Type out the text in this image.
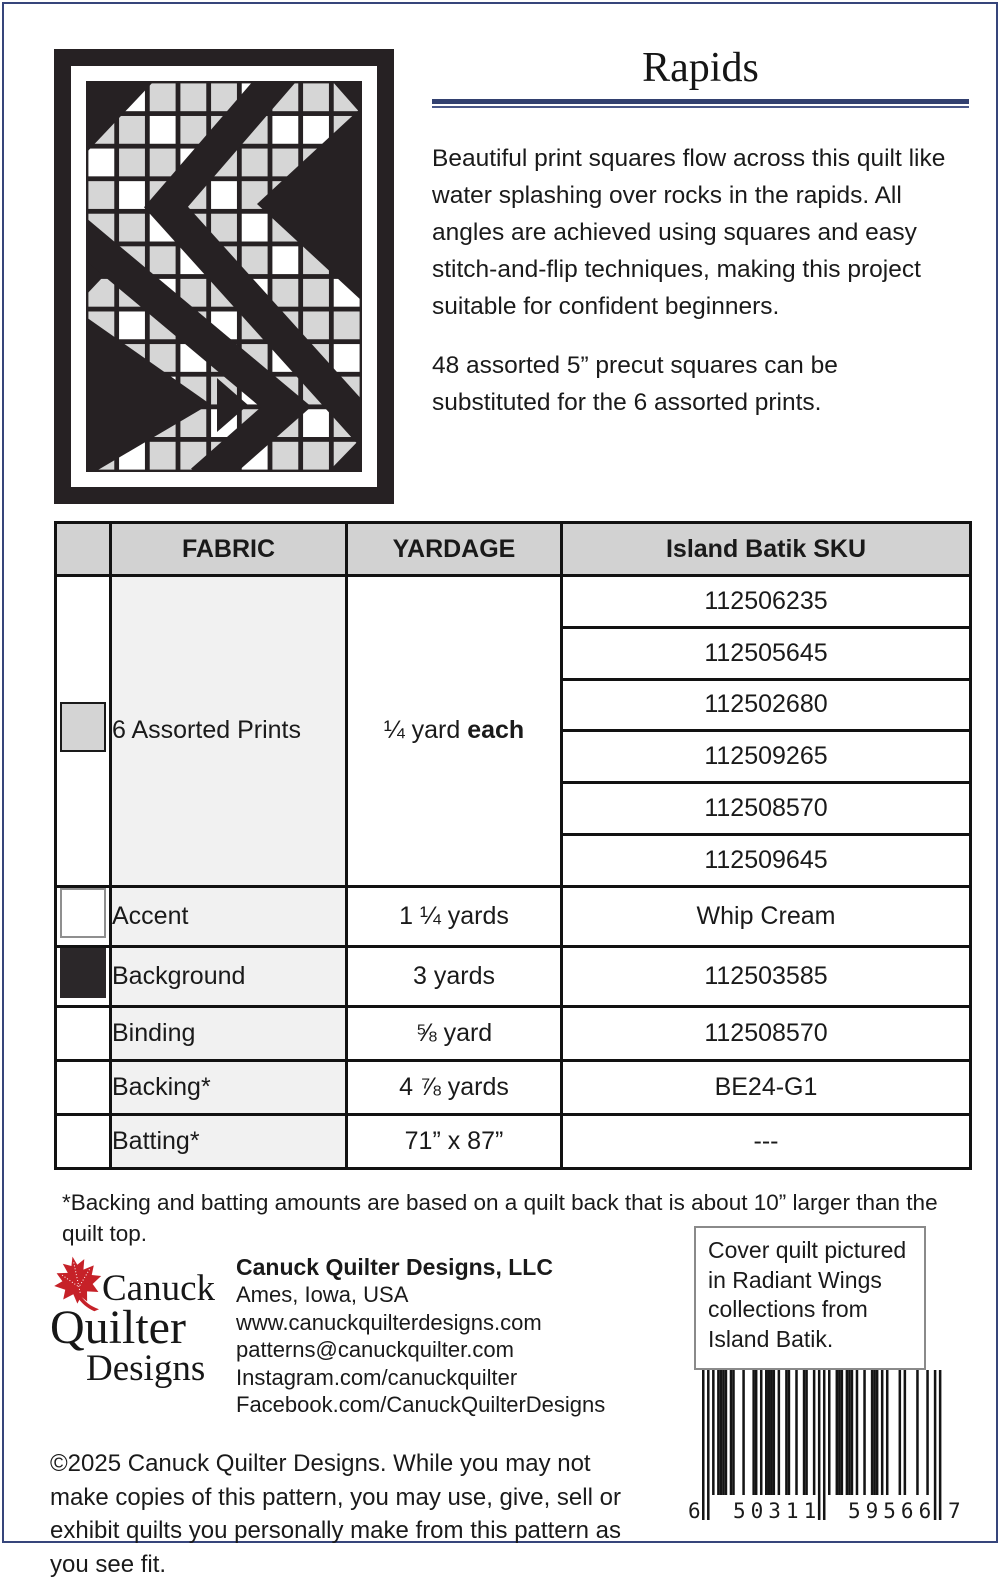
Rapids

Beautiful print squares flow across this quilt like water splashing over rocks in the rapids. All angles are achieved using squares and easy stitch-and-flip techniques, making this project suitable for confident beginners.

48 assorted 5” precut squares can be substituted for the 6 assorted prints.

	FABRIC	YARDAGE	Island Batik SKU
	6 Assorted Prints	¼ yard each	112506235
			112505645
			112502680
			112509265
			112508570
			112509645
	Accent	1 ¼ yards	Whip Cream
	Background	3 yards	112503585
	Binding	⅝ yard	112508570
	Backing*	4 ⅞ yards	BE24-G1
	Batting*	71” x 87”	---

*Backing and batting amounts are based on a quilt back that is about 10” larger than the quilt top.

Canuck
Quilter
Designs
Canuck Quilter Designs, LLC
Ames, Iowa, USA
www.canuckquilterdesigns.com
patterns@canuckquilter.com
Instagram.com/canuckquilter
Facebook.com/CanuckQuilterDesigns

©2025 Canuck Quilter Designs. While you may not make copies of this pattern, you may use, give, sell or exhibit quilts you personally make from this pattern as you see fit.

Cover quilt pictured in Radiant Wings collections from Island Batik.
6 50311 59566 7
